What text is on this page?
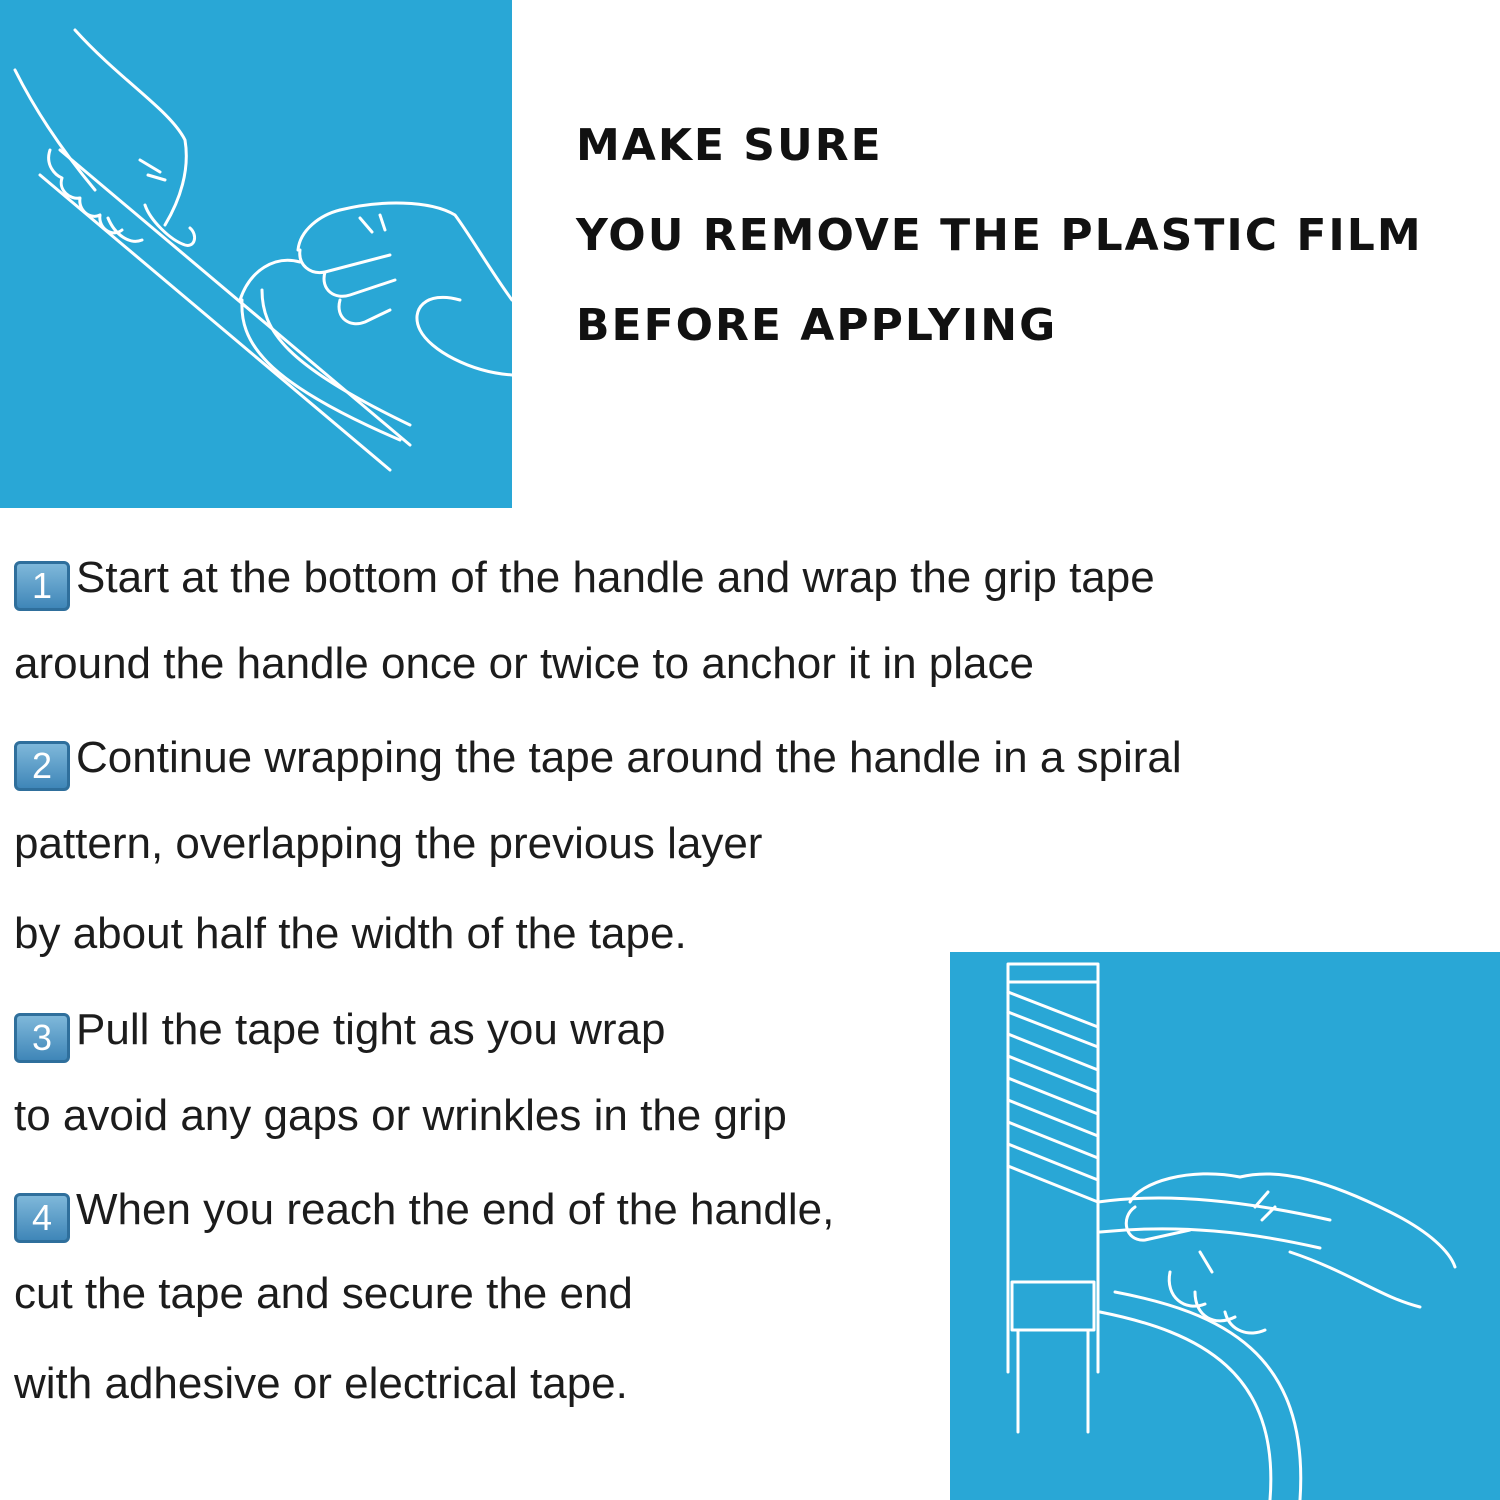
MAKE SURE
YOU REMOVE THE PLASTIC FILM
BEFORE APPLYING
1 Start at the bottom of the handle and wrap the grip tape
around the handle once or twice to anchor it in place
2 Continue wrapping the tape around the handle in a spiral
pattern, overlapping the previous layer
by about half the width of the tape.
3 Pull the tape tight as you wrap
to avoid any gaps or wrinkles in the grip
4 When you reach the end of the handle,
cut the tape and secure the end
with adhesive or electrical tape.
